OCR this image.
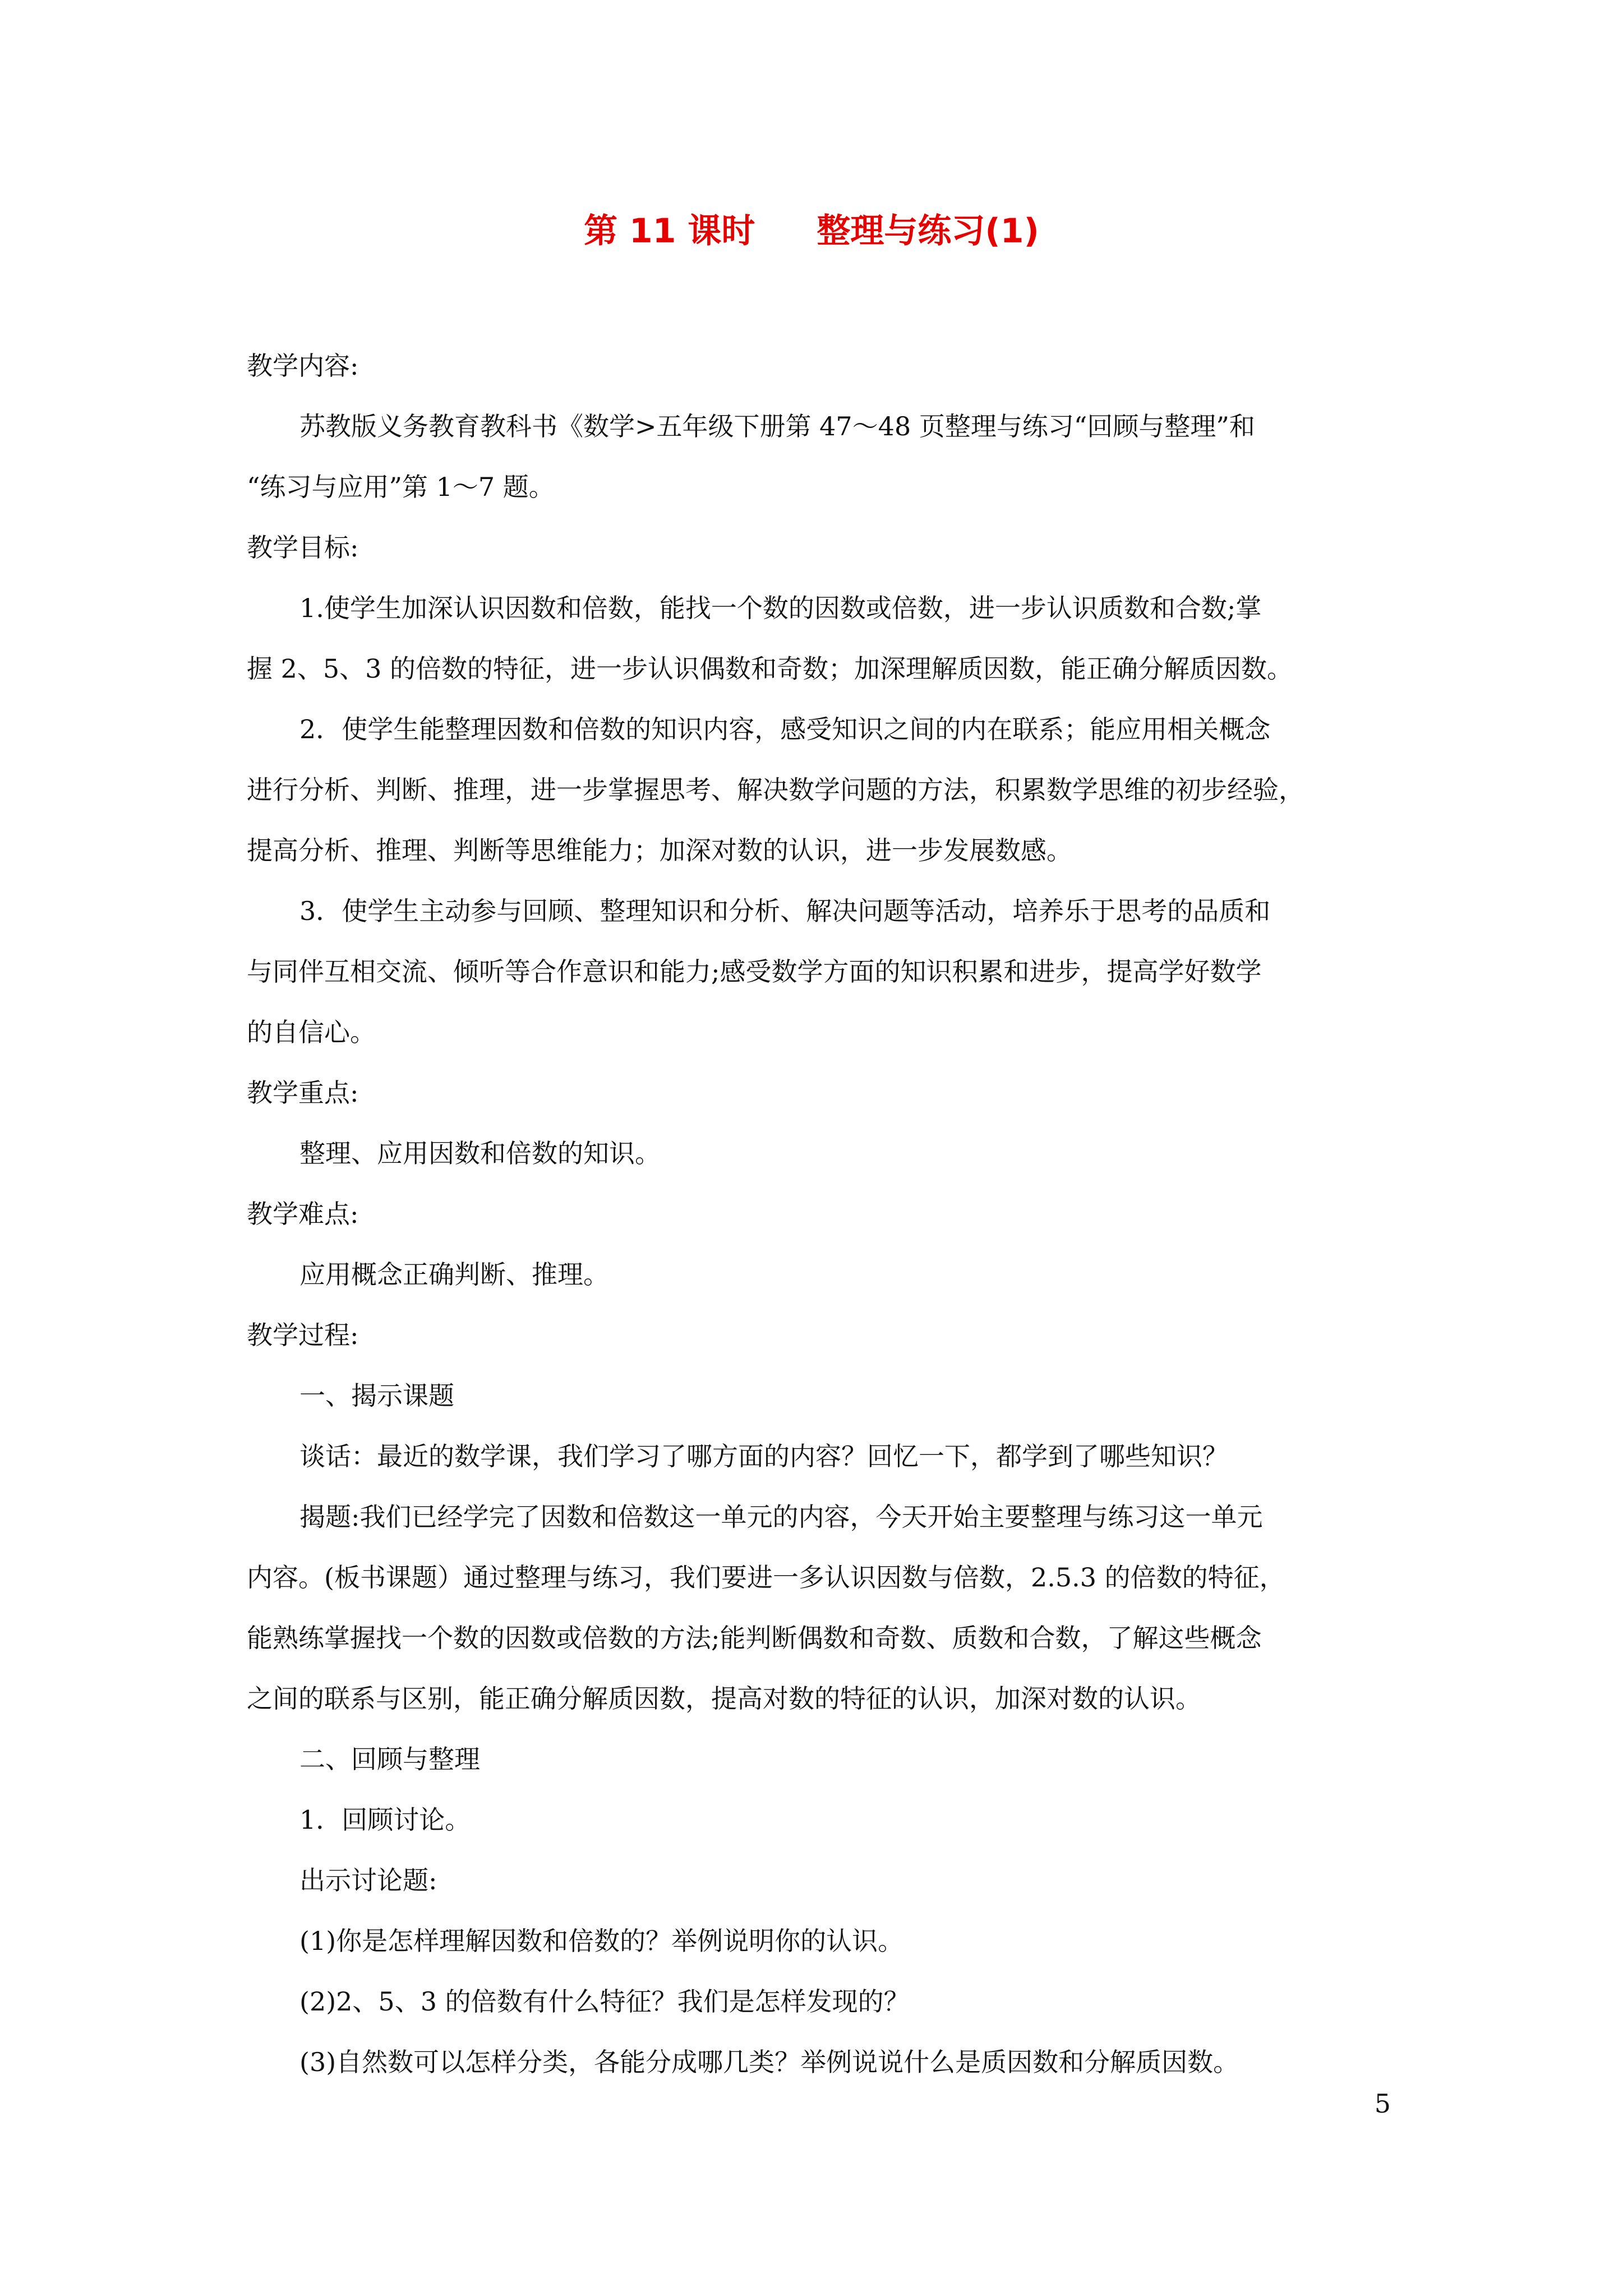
第 11 课时 整理与练习(1)
教学内容:
苏教版义务教育教科书《数学>五年级下册第 47～48 页整理与练习“回顾与整理”和
“练习与应用”第 1～7 题。
教学目标:
1.使学生加深认识因数和倍数，能找一个数的因数或倍数，进一步认识质数和合数;掌
握 2、5、3 的倍数的特征，进一步认识偶数和奇数；加深理解质因数，能正确分解质因数。
2．使学生能整理因数和倍数的知识内容，感受知识之间的内在联系；能应用相关概念
进行分析、判断、推理，进一步掌握思考、解决数学问题的方法，积累数学思维的初步经验，
提高分析、推理、判断等思维能力；加深对数的认识，进一步发展数感。
3．使学生主动参与回顾、整理知识和分析、解决问题等活动，培养乐于思考的品质和
与同伴互相交流、倾听等合作意识和能力;感受数学方面的知识积累和进步，提高学好数学
的自信心。
教学重点:
整理、应用因数和倍数的知识。
教学难点:
应用概念正确判断、推理。
教学过程:
一、揭示课题
谈话：最近的数学课，我们学习了哪方面的内容？回忆一下，都学到了哪些知识？
揭题:我们已经学完了因数和倍数这一单元的内容，今天开始主要整理与练习这一单元
内容。(板书课题）通过整理与练习，我们要进一多认识因数与倍数，2.5.3 的倍数的特征，
能熟练掌握找一个数的因数或倍数的方法;能判断偶数和奇数、质数和合数，了解这些概念
之间的联系与区别，能正确分解质因数，提高对数的特征的认识，加深对数的认识。
二、回顾与整理
1．回顾讨论。
出示讨论题:
(1)你是怎样理解因数和倍数的？举例说明你的认识。
(2)2、5、3 的倍数有什么特征？我们是怎样发现的？
(3)自然数可以怎样分类，各能分成哪几类？举例说说什么是质因数和分解质因数。
5
